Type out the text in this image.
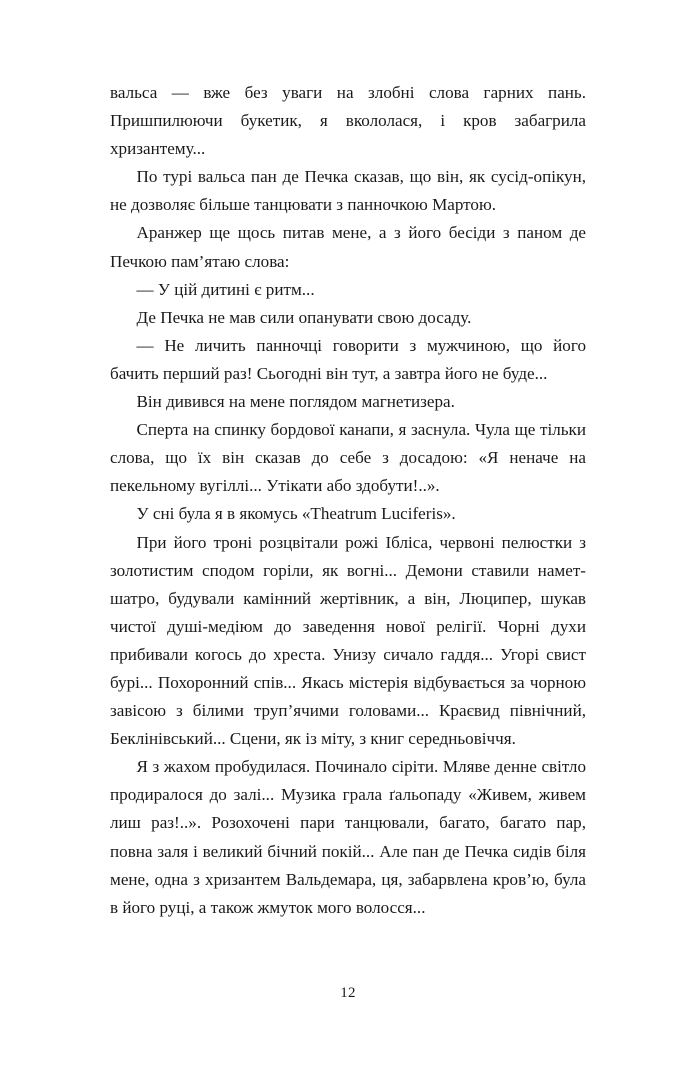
вальса — вже без уваги на злобні слова гарних пань. Пришпилюючи букетик, я вкололася, і кров забагрила хризантему...

По турі вальса пан де Печка сказав, що він, як сусід-опікун, не дозволяє більше танцювати з панночкою Мартою.

Аранжер ще щось питав мене, а з його бесіди з паном де Печкою пам’ятаю слова:

— У цій дитині є ритм...

Де Печка не мав сили опанувати свою досаду.

— Не личить панночці говорити з мужчиною, що його бачить перший раз! Сьогодні він тут, а завтра його не буде...

Він дивився на мене поглядом магнетизера.

Сперта на спинку бордової канапи, я заснула. Чула ще тільки слова, що їх він сказав до себе з досадою: «Я неначе на пекельному вугіллі... Утікати або здобути!..».

У сні була я в якомусь «Theatrum Luciferis».

При його троні розцвітали рожі Ібліса, червоні пелюстки з золотистим сподом горіли, як вогні... Демони ставили намет-шатро, будували камінний жертівник, а він, Люципер, шукав чистої душі-медіюм до заведення нової релігії. Чорні духи прибивали когось до хреста. Унизу сичало гаддя... Угорі свист бурі... Похоронний спів... Якась містерія відбувається за чорною завісою з білими труп’ячими головами... Краєвид північний, Беклінівський... Сцени, як із міту, з книг середньовіччя.

Я з жахом пробудилася. Починало сіріти. Мляве денне світло продиралося до залі... Музика грала ґальопаду «Живем, живем лиш раз!..». Розохочені пари танцювали, багато, багато пар, повна заля і великий бічний покій... Але пан де Печка сидів біля мене, одна з хризантем Вальдемара, ця, забарвлена кров’ю, була в його руці, а також жмуток мого волосся...

12
